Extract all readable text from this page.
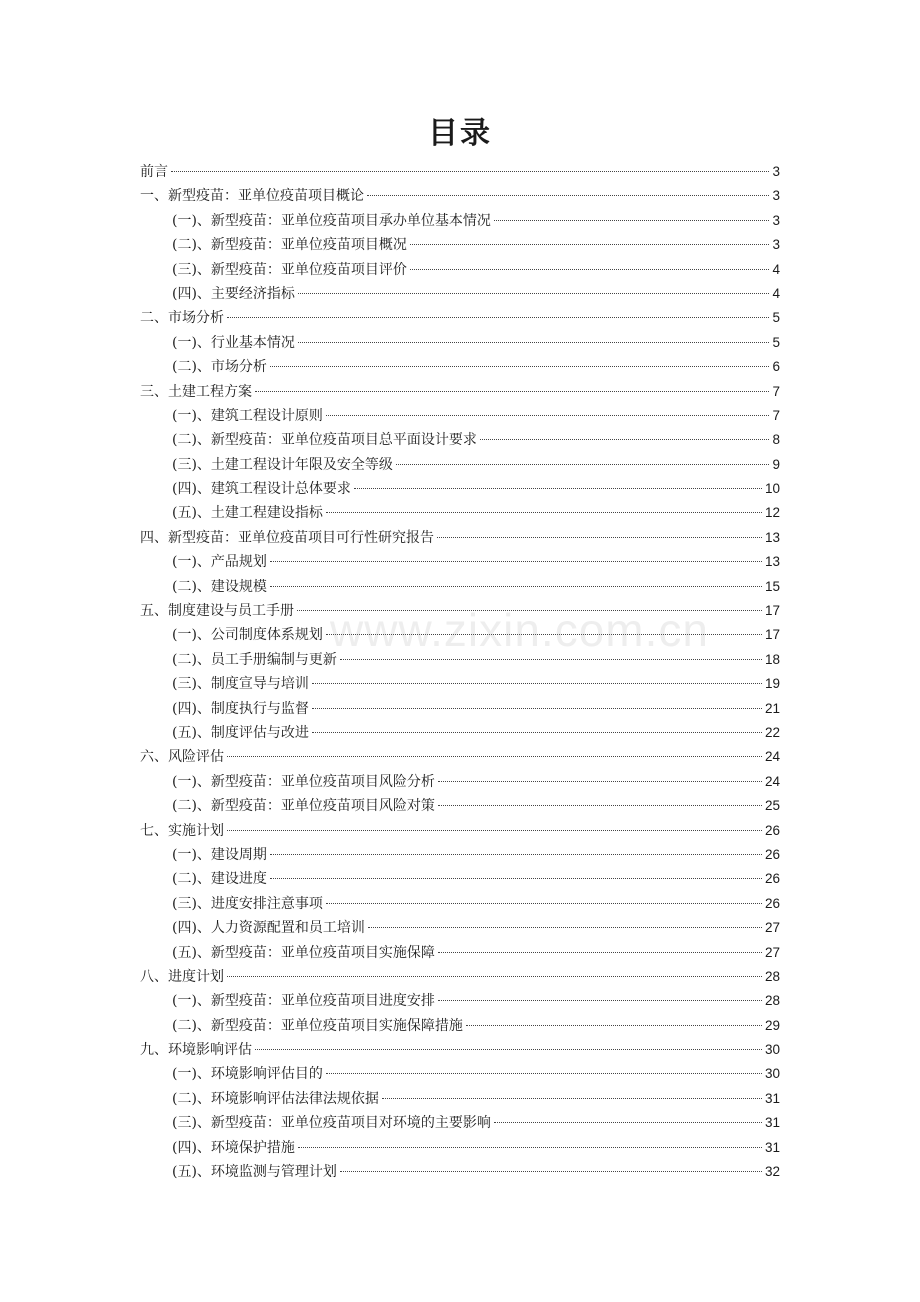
目录
前言	3
一、新型疫苗：亚单位疫苗项目概论	3
(一)、新型疫苗：亚单位疫苗项目承办单位基本情况	3
(二)、新型疫苗：亚单位疫苗项目概况	3
(三)、新型疫苗：亚单位疫苗项目评价	4
(四)、主要经济指标	4
二、市场分析	5
(一)、行业基本情况	5
(二)、市场分析	6
三、土建工程方案	7
(一)、建筑工程设计原则	7
(二)、新型疫苗：亚单位疫苗项目总平面设计要求	8
(三)、土建工程设计年限及安全等级	9
(四)、建筑工程设计总体要求	10
(五)、土建工程建设指标	12
四、新型疫苗：亚单位疫苗项目可行性研究报告	13
(一)、产品规划	13
(二)、建设规模	15
五、制度建设与员工手册	17
(一)、公司制度体系规划	17
(二)、员工手册编制与更新	18
(三)、制度宣导与培训	19
(四)、制度执行与监督	21
(五)、制度评估与改进	22
六、风险评估	24
(一)、新型疫苗：亚单位疫苗项目风险分析	24
(二)、新型疫苗：亚单位疫苗项目风险对策	25
七、实施计划	26
(一)、建设周期	26
(二)、建设进度	26
(三)、进度安排注意事项	26
(四)、人力资源配置和员工培训	27
(五)、新型疫苗：亚单位疫苗项目实施保障	27
八、进度计划	28
(一)、新型疫苗：亚单位疫苗项目进度安排	28
(二)、新型疫苗：亚单位疫苗项目实施保障措施	29
九、环境影响评估	30
(一)、环境影响评估目的	30
(二)、环境影响评估法律法规依据	31
(三)、新型疫苗：亚单位疫苗项目对环境的主要影响	31
(四)、环境保护措施	31
(五)、环境监测与管理计划	32
www.zixin.com.cn
